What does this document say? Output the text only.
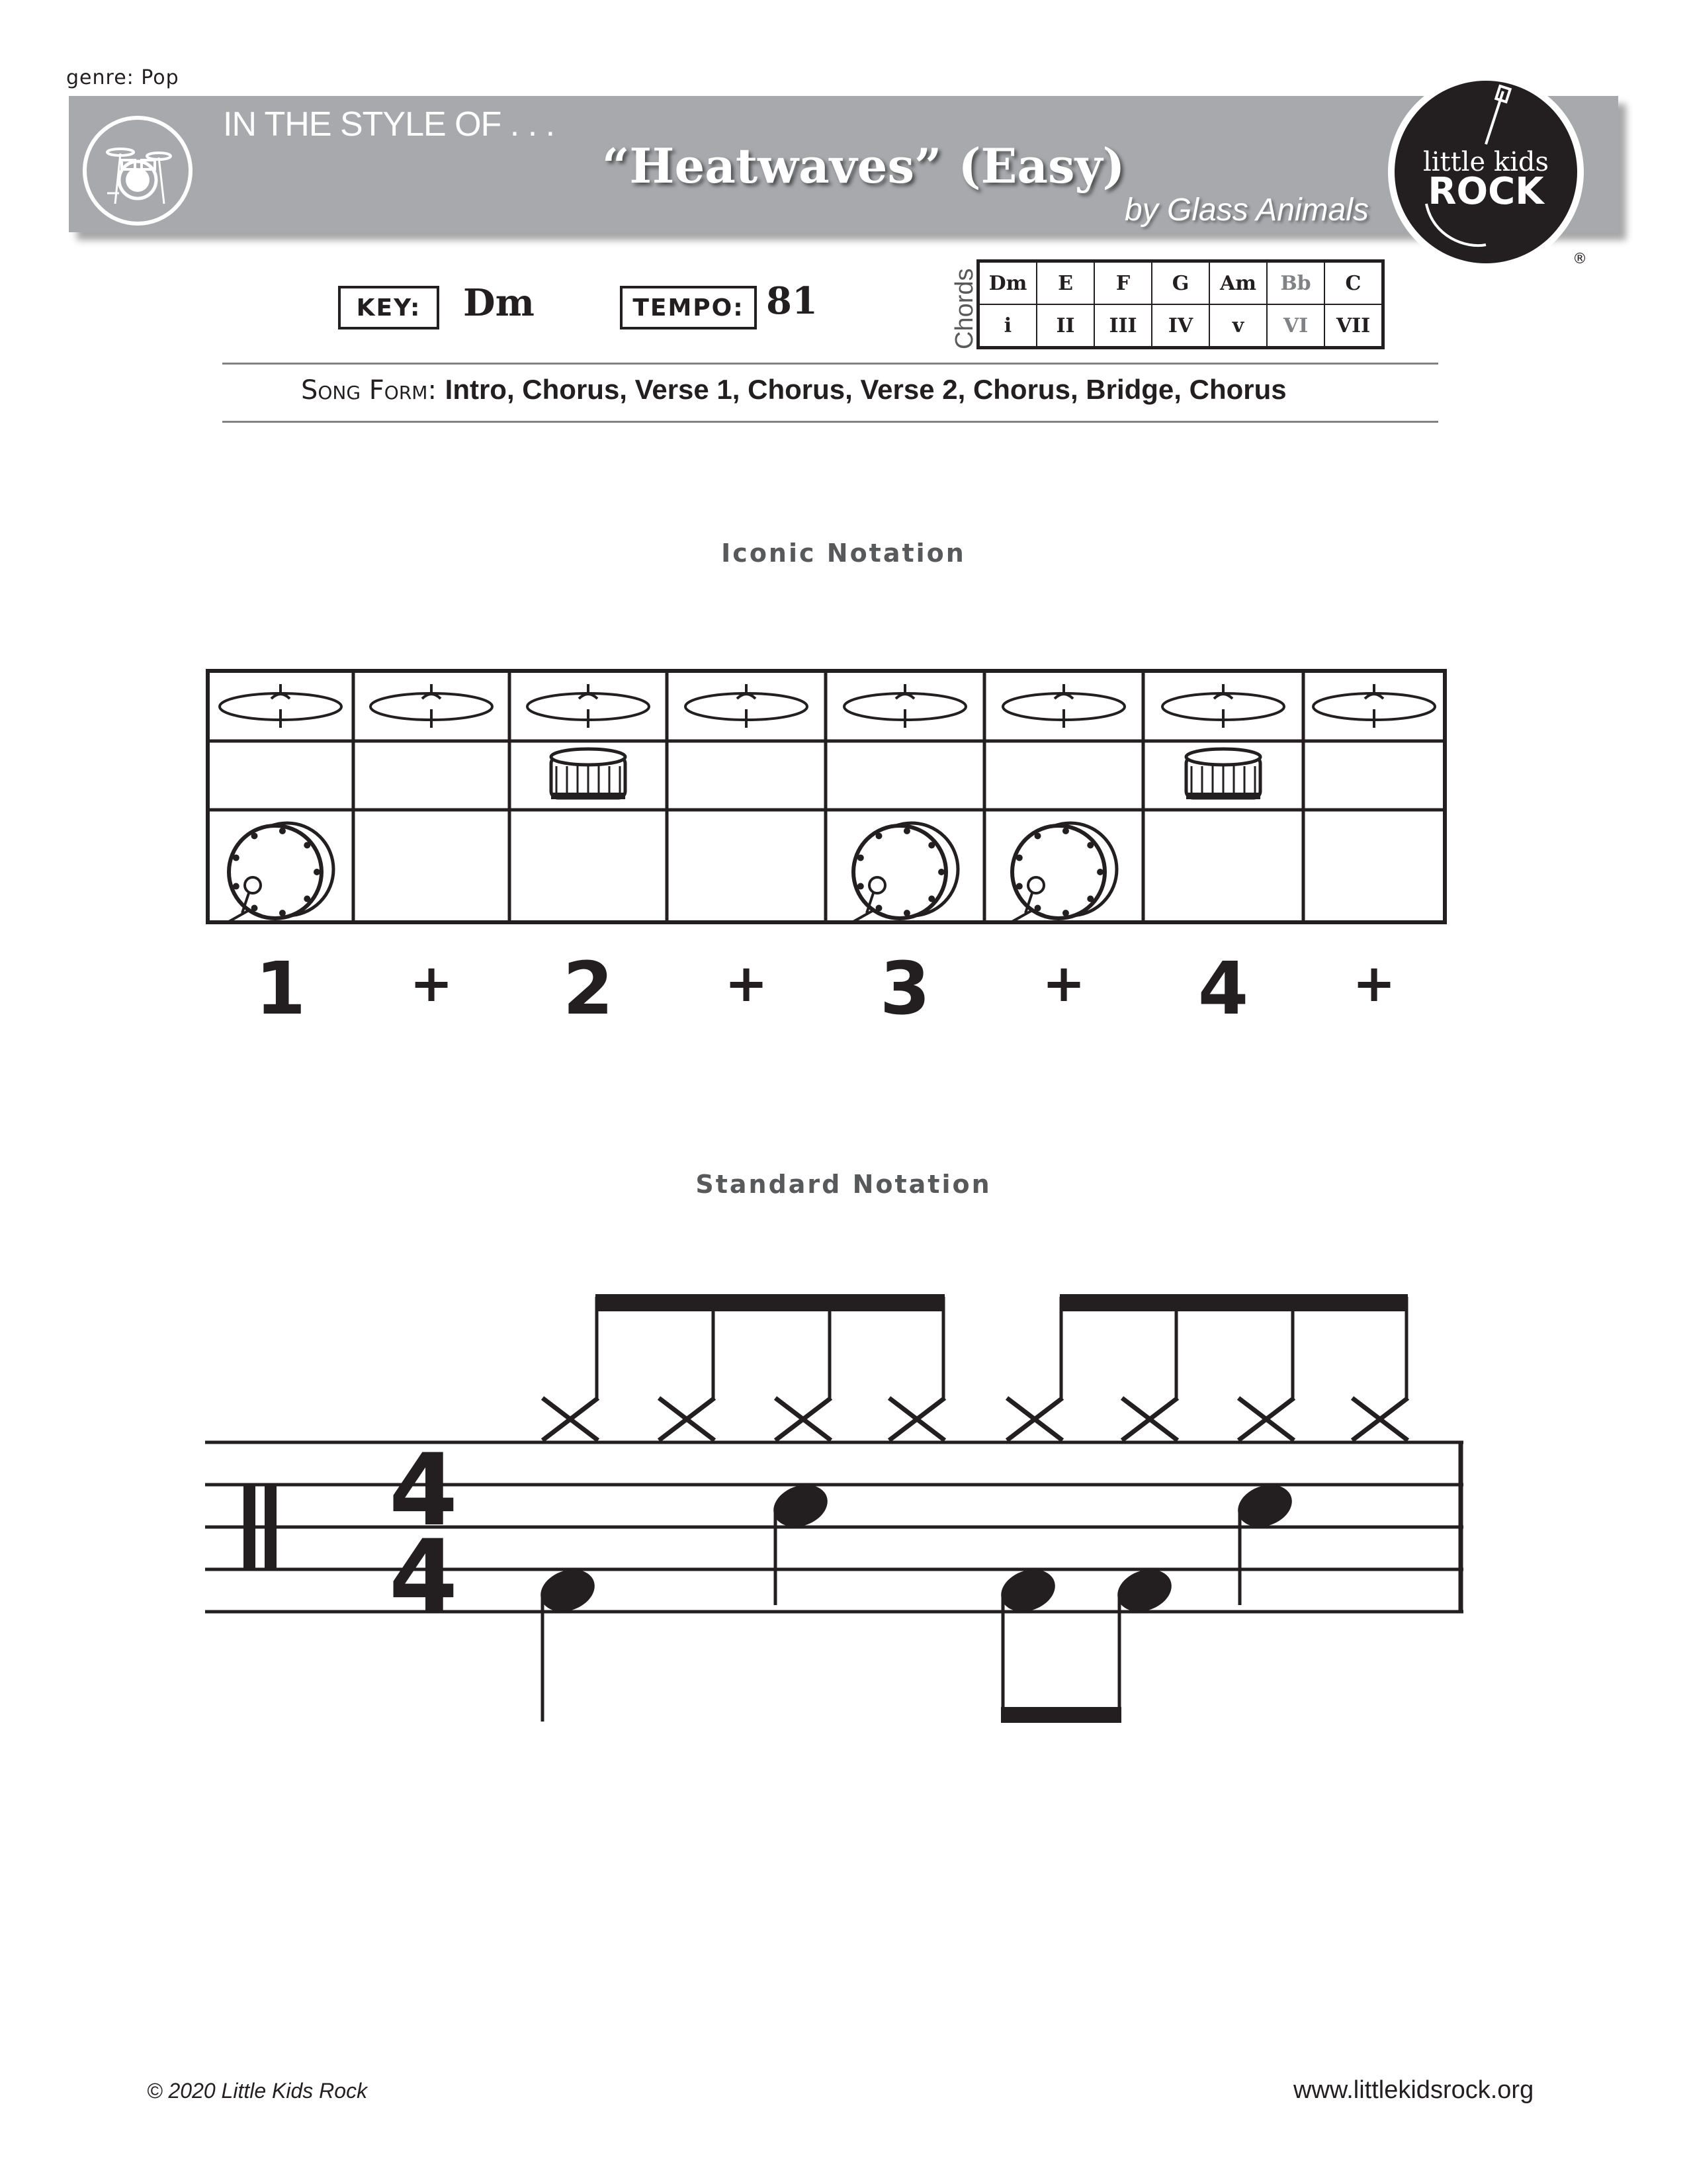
genre: Pop
IN THE STYLE OF . . .
“Heatwaves” (Easy)
by Glass Animals
little kids
ROCK
®
KEY:	Dm	TEMPO: 81	Chords Dm	E	F	G	Am	Bb	C
i	II	III	IV	v	VI	VII
Song Form: Intro, Chorus, Verse 1, Chorus, Verse 2, Chorus, Bridge, Chorus
Iconic Notation
1	+ 2	+ 3	+ 4	+
Standard Notation
4
4
© 2020 Little Kids Rock	www.littlekidsrock.org
